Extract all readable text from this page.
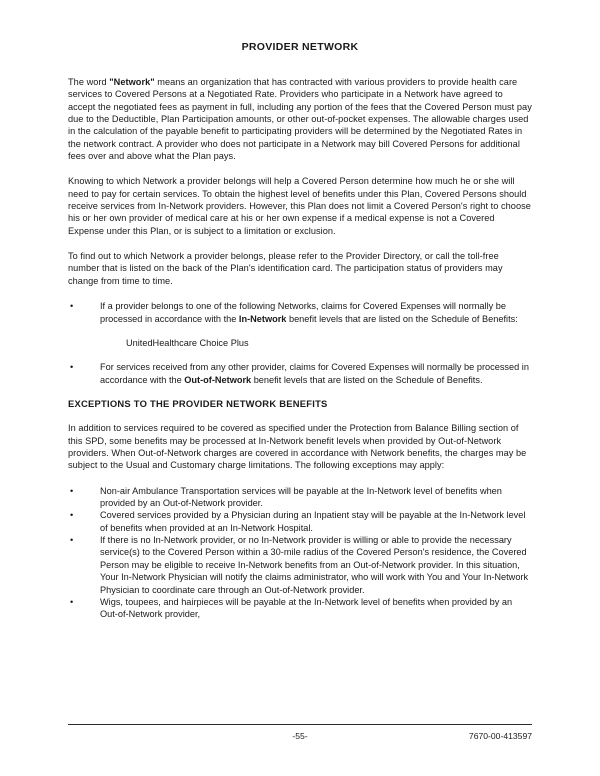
PROVIDER NETWORK

The word "Network" means an organization that has contracted with various providers to provide health care services to Covered Persons at a Negotiated Rate. Providers who participate in a Network have agreed to accept the negotiated fees as payment in full, including any portion of the fees that the Covered Person must pay due to the Deductible, Plan Participation amounts, or other out-of-pocket expenses. The allowable charges used in the calculation of the payable benefit to participating providers will be determined by the Negotiated Rates in the network contract. A provider who does not participate in a Network may bill Covered Persons for additional fees over and above what the Plan pays.

Knowing to which Network a provider belongs will help a Covered Person determine how much he or she will need to pay for certain services. To obtain the highest level of benefits under this Plan, Covered Persons should receive services from In-Network providers. However, this Plan does not limit a Covered Person's right to choose his or her own provider of medical care at his or her own expense if a medical expense is not a Covered Expense under this Plan, or is subject to a limitation or exclusion.

To find out to which Network a provider belongs, please refer to the Provider Directory, or call the toll-free number that is listed on the back of the Plan's identification card. The participation status of providers may change from time to time.

•	If a provider belongs to one of the following Networks, claims for Covered Expenses will normally be processed in accordance with the In-Network benefit levels that are listed on the Schedule of Benefits:
UnitedHealthcare Choice Plus
•	For services received from any other provider, claims for Covered Expenses will normally be processed in accordance with the Out-of-Network benefit levels that are listed on the Schedule of Benefits.
EXCEPTIONS TO THE PROVIDER NETWORK BENEFITS

In addition to services required to be covered as specified under the Protection from Balance Billing section of this SPD, some benefits may be processed at In-Network benefit levels when provided by Out-of-Network providers. When Out-of-Network charges are covered in accordance with Network benefits, the charges may be subject to the Usual and Customary charge limitations. The following exceptions may apply:

•	Non-air Ambulance Transportation services will be payable at the In-Network level of benefits when provided by an Out-of-Network provider.
•	Covered services provided by a Physician during an Inpatient stay will be payable at the In-Network level of benefits when provided at an In-Network Hospital.
•	If there is no In-Network provider, or no In-Network provider is willing or able to provide the necessary service(s) to the Covered Person within a 30-mile radius of the Covered Person's residence, the Covered Person may be eligible to receive In-Network benefits from an Out-of-Network provider. In this situation, Your In-Network Physician will notify the claims administrator, who will work with You and Your In-Network Physician to coordinate care through an Out-of-Network provider.
•	Wigs, toupees, and hairpieces will be payable at the In-Network level of benefits when provided by an Out-of-Network provider,
-55-	7670-00-413597
